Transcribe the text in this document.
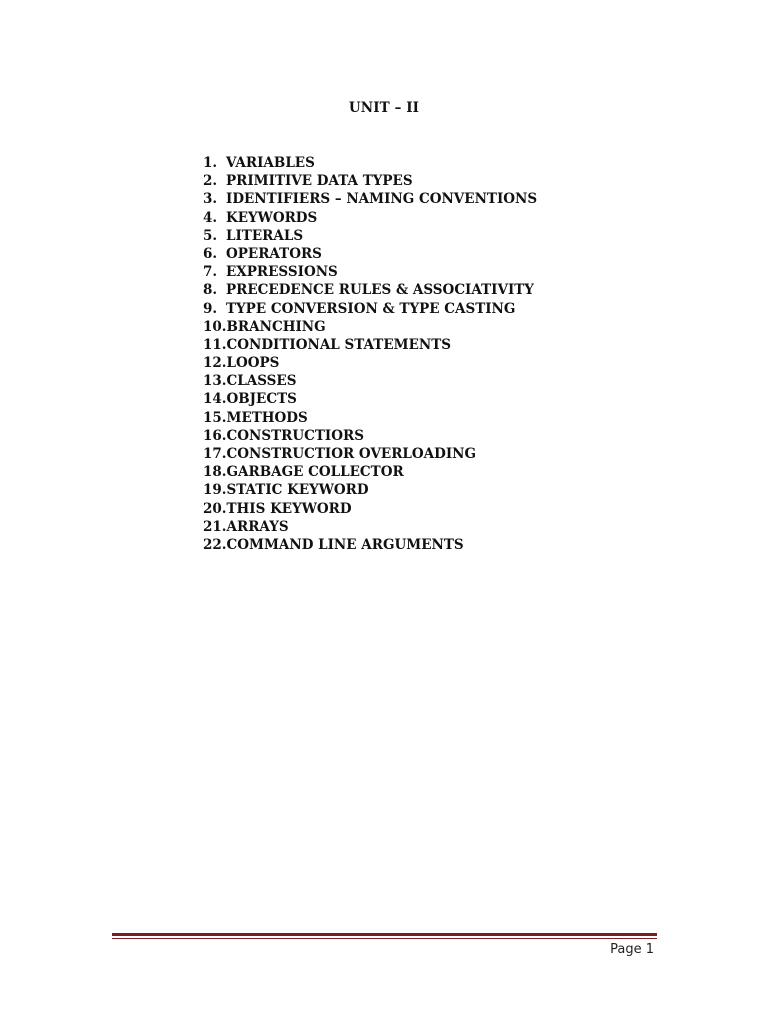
UNIT – II
1. VARIABLES
2. PRIMITIVE DATA TYPES
3. IDENTIFIERS – NAMING CONVENTIONS
4. KEYWORDS
5. LITERALS
6. OPERATORS
7. EXPRESSIONS
8. PRECEDENCE RULES & ASSOCIATIVITY
9. TYPE CONVERSION & TYPE CASTING
10.BRANCHING
11.CONDITIONAL STATEMENTS
12.LOOPS
13.CLASSES
14.OBJECTS
15.METHODS
16.CONSTRUCTIORS
17.CONSTRUCTIOR OVERLOADING
18.GARBAGE COLLECTOR
19.STATIC KEYWORD
20.THIS KEYWORD
21.ARRAYS
22.COMMAND LINE ARGUMENTS
Page 1
